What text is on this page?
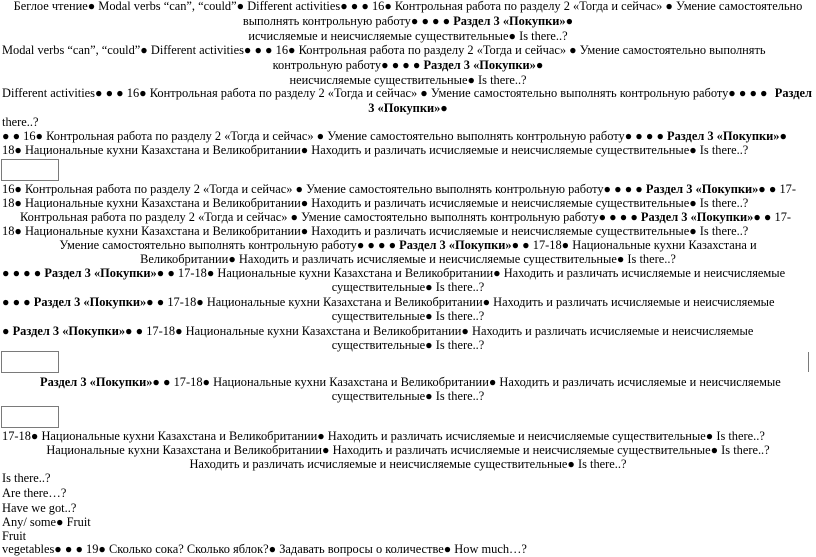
Беглое чтение● Modal verbs “can”, “could”● Different activities● ● ● 16● Контрольная работа по разделу 2 «Тогда и сейчас» ● Умение самостоятельно
выполнять контрольную работу● ● ● ● Раздел 3 «Покупки»●
исчисляемые и неисчисляемые существительные● Is there..?
Modal verbs “can”, “could”● Different activities● ● ● 16● Контрольная работа по разделу 2 «Тогда и сейчас» ● Умение самостоятельно выполнять
контрольную работу● ● ● ● Раздел 3 «Покупки»●
неисчисляемые существительные● Is there..?
Different activities● ● ● 16● Контрольная работа по разделу 2 «Тогда и сейчас» ● Умение самостоятельно выполнять контрольную работу● ● ● ● Раздел
3 «Покупки»●
there..?
● ● 16● Контрольная работа по разделу 2 «Тогда и сейчас» ● Умение самостоятельно выполнять контрольную работу● ● ● ● Раздел 3 «Покупки»●
18● Национальные кухни Казахстана и Великобритании● Находить и различать исчисляемые и неисчисляемые существительные● Is there..?
16● Контрольная работа по разделу 2 «Тогда и сейчас» ● Умение самостоятельно выполнять контрольную работу● ● ● ● Раздел 3 «Покупки»● ● 17-
18● Национальные кухни Казахстана и Великобритании● Находить и различать исчисляемые и неисчисляемые существительные● Is there..?
Контрольная работа по разделу 2 «Тогда и сейчас» ● Умение самостоятельно выполнять контрольную работу● ● ● ● Раздел 3 «Покупки»● ● 17-
18● Национальные кухни Казахстана и Великобритании● Находить и различать исчисляемые и неисчисляемые существительные● Is there..?
Умение самостоятельно выполнять контрольную работу● ● ● ● Раздел 3 «Покупки»● ● 17-18● Национальные кухни Казахстана и
Великобритании● Находить и различать исчисляемые и неисчисляемые существительные● Is there..?
● ● ● ● Раздел 3 «Покупки»● ● 17-18● Национальные кухни Казахстана и Великобритании● Находить и различать исчисляемые и неисчисляемые
существительные● Is there..?
● ● ● Раздел 3 «Покупки»● ● 17-18● Национальные кухни Казахстана и Великобритании● Находить и различать исчисляемые и неисчисляемые
существительные● Is there..?
● Раздел 3 «Покупки»● ● 17-18● Национальные кухни Казахстана и Великобритании● Находить и различать исчисляемые и неисчисляемые
существительные● Is there..?
Раздел 3 «Покупки»● ● 17-18● Национальные кухни Казахстана и Великобритании● Находить и различать исчисляемые и неисчисляемые
существительные● Is there..?
17-18● Национальные кухни Казахстана и Великобритании● Находить и различать исчисляемые и неисчисляемые существительные● Is there..?
Национальные кухни Казахстана и Великобритании● Находить и различать исчисляемые и неисчисляемые существительные● Is there..?
Находить и различать исчисляемые и неисчисляемые существительные● Is there..?
Is there..?
Are there…?
Have we got..?
Any/ some● Fruit
Fruit
vegetables● ● ● 19● Сколько сока? Сколько яблок?● Задавать вопросы о количестве● How much…?
